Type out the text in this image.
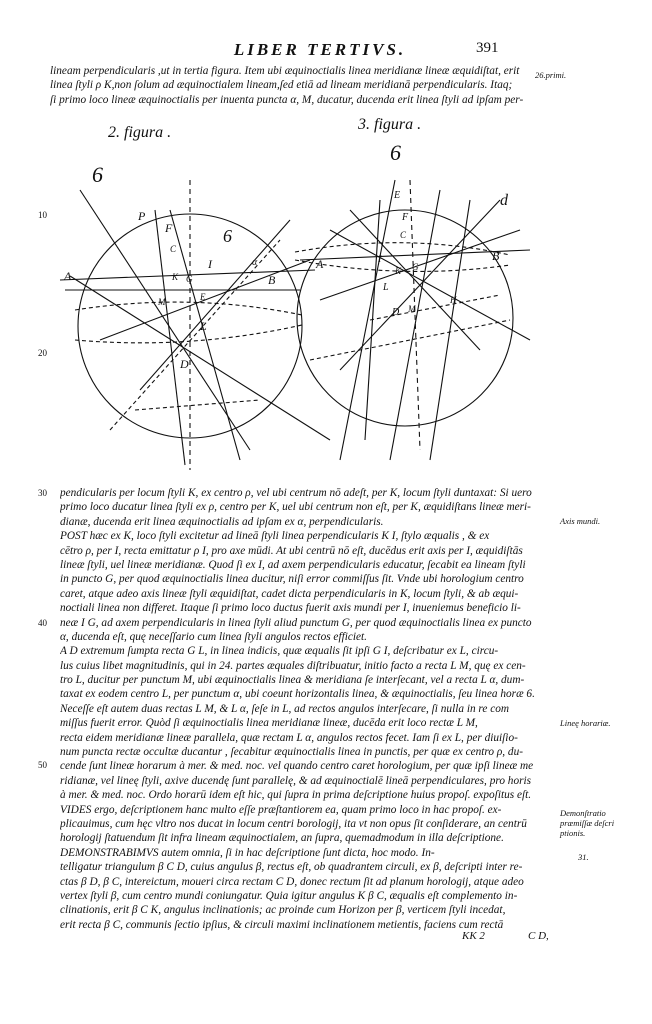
LIBER TERTIVS.	391
lineam perpendicularis ,ut in tertia figura. Item ubi æquinoctialis linea meridianæ lineæ æquidiſtat, erit
linea ſtyli ρ K,non ſolum ad æquinoctialem lineam,ſed etiā ad lineam meridianā perpendicularis. Itaq;
ſi primo loco lineæ æquinoctialis per inuenta puncta α, M, ducatur, ducenda erit linea ſtyli ad ipſam per-
26.primi.
2. figura .	3. figura .
6
6
P
F
C
I
A	K G
M	E
α
B
L
D
6
d
E
F
C
A	I
K G
B
L
H
M
D
10
20
30
40
50
pendicularis per locum ſtyli K, ex centro ρ, vel ubi centrum nō adeſt, per K, locum ſtyli duntaxat: Si uero
primo loco ducatur linea ſtyli ex ρ, centro per K, uel ubi centrum non eſt, per K, æquidiſtans lineæ meri-
dianæ, ducenda erit linea æquinoctialis ad ipſam ex α, perpendicularis.
POST hæc ex K, loco ſtyli excitetur ad lineā ſtyli linea perpendicularis K I, ſtylo æqualis , & ex
cētro ρ, per I, recta emittatur ρ I, pro axe mūdi. At ubi centrū nō eſt, ducēdus erit axis per I, æquidiſtās
lineæ ſtyli, uel lineæ meridianæ. Quod ſi ex I, ad axem perpendicularis educatur, ſecabit ea lineam ſtyli
in puncto G, per quod æquinoctialis linea ducitur, niſi error commiſſus ſit. Vnde ubi horologium centro
caret, atque adeo axis lineæ ſtyli æquidiſtat, cadet dicta perpendicularis in K, locum ſtyli, & ab æqui-
noctiali linea non differet. Itaque ſi primo loco ductus fuerit axis mundi per I, inueniemus beneficio li-
neæ I G, ad axem perpendicularis in linea ſtyli aliud punctum G, per quod æquinoctialis linea ex puncto
α, ducenda eſt, quę neceſſario cum linea ſtyli angulos rectos efficiet.
A D extremum ſumpta recta G L, in linea indicis, quæ æqualis ſit ipſi G I, deſcribatur ex L, circu-
lus cuius libet magnitudinis, qui in 24. partes æquales diſtribuatur, initio facto a recta L M, quę ex cen-
tro L, ducitur per punctum M, ubi æquinoctialis linea & meridiana ſe interſecant, vel a recta L α, dum-
taxat ex eodem centro L, per punctum α, ubi coeunt horizontalis linea, & æquinoctialis, ſeu linea horæ 6.
Neceſſe eſt autem duas rectas L M, & L α, ſeſe in L, ad rectos angulos interſecare, ſi nulla in re com
miſſus fuerit error. Quòd ſi æquinoctialis linea meridianæ lineæ, ducēda erit loco rectæ L M,
recta eidem meridianæ lineæ parallela, quæ rectam L α, angulos rectos fecet. Iam ſi ex L, per diuiſio-
num puncta rectæ occultæ ducantur , ſecabitur æquinoctialis linea in punctis, per quæ ex centro ρ, du-
cende ſunt lineæ horarum à mer. & med. noc. vel quando centro caret horologium, per quæ ipſi lineæ me
ridianæ, vel lineę ſtyli, axive ducendę ſunt parallelę, & ad æquinoctialē lineā perpendiculares, pro horis
à mer. & med. noc. Ordo horarū idem eſt hic, qui ſupra in prima deſcriptione huius propoſ. expoſitus eſt.
VIDES ergo, deſcriptionem hanc multo eſſe præſtantiorem ea, quam primo loco in hac propoſ. ex-
plicauimus, cum hęc vltro nos ducat in locum centri borologij, ita vt non opus ſit conſiderare, an centrū
horologij ſtatuendum ſit infra lineam æquinoctialem, an ſupra, quemadmodum in illa deſcriptione.
DEMONSTRABIMVS autem omnia, ſi in hac deſcriptione ſunt dicta, hoc modo. In-
telligatur triangulum β C D, cuius angulus β, rectus eſt, ob quadrantem circuli, ex β, deſcripti inter re-
ctas β D, β C, intereictum, moueri circa rectam C D, donec rectum ſit ad planum horologij, atque adeo
vertex ſtyli β, cum centro mundi coniungatur. Quia igitur angulus K β C, æqualis eſt complemento in-
clinationis, erit β C K, angulus inclinationis; ac proinde cum Horizon per β, verticem ſtyli incedat,
erit recta β C, communis ſectio ipſius, & circuli maximi inclinationem metientis, faciens cum rectā
Axis mundi.
Lineę horariæ.
Demonſtratio
præmiſſæ deſcri
ptionis.
31.
KK 2	C D,
